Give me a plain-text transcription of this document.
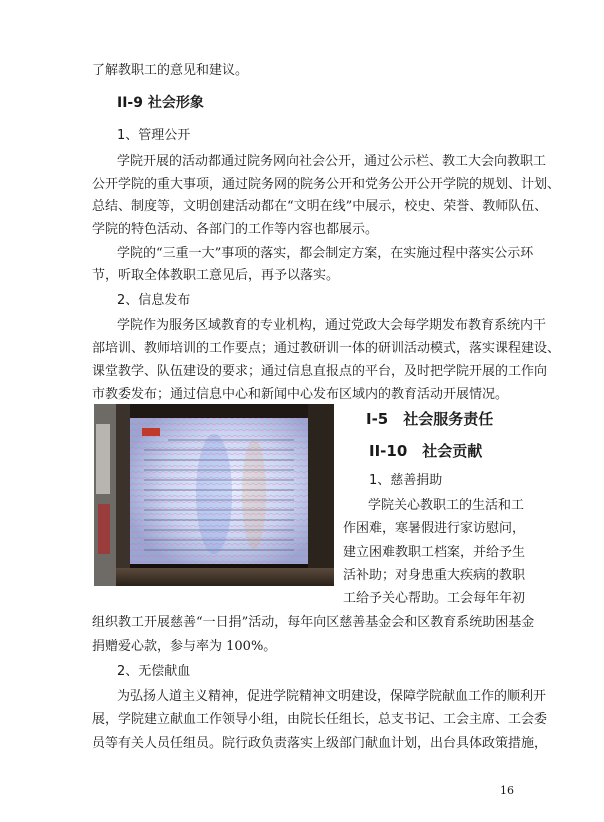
了解教职工的意见和建议。
II-9 社会形象
1、管理公开
学院开展的活动都通过院务网向社会公开，通过公示栏、教工大会向教职工
公开学院的重大事项，通过院务网的院务公开和党务公开公开学院的规划、计划、
总结、制度等，文明创建活动都在“文明在线”中展示，校史、荣誉、教师队伍、
学院的特色活动、各部门的工作等内容也都展示。
学院的“三重一大”事项的落实，都会制定方案，在实施过程中落实公示环
节，听取全体教职工意见后，再予以落实。
2、信息发布
学院作为服务区域教育的专业机构，通过党政大会每学期发布教育系统内干
部培训、教师培训的工作要点；通过教研训一体的研训活动模式，落实课程建设、
课堂教学、队伍建设的要求；通过信息直报点的平台，及时把学院开展的工作向
市教委发布；通过信息中心和新闻中心发布区域内的教育活动开展情况。
I-5　社会服务责任
II-10　社会贡献
1、慈善捐助
学院关心教职工的生活和工
作困难，寒暑假进行家访慰问，
建立困难教职工档案，并给予生
活补助；对身患重大疾病的教职
工给予关心帮助。工会每年年初
组织教工开展慈善“一日捐”活动，每年向区慈善基金会和区教育系统助困基金
捐赠爱心款，参与率为 100%。
2、无偿献血
为弘扬人道主义精神，促进学院精神文明建设，保障学院献血工作的顺利开
展，学院建立献血工作领导小组，由院长任组长，总支书记、工会主席、工会委
员等有关人员任组员。院行政负责落实上级部门献血计划，出台具体政策措施，
16
